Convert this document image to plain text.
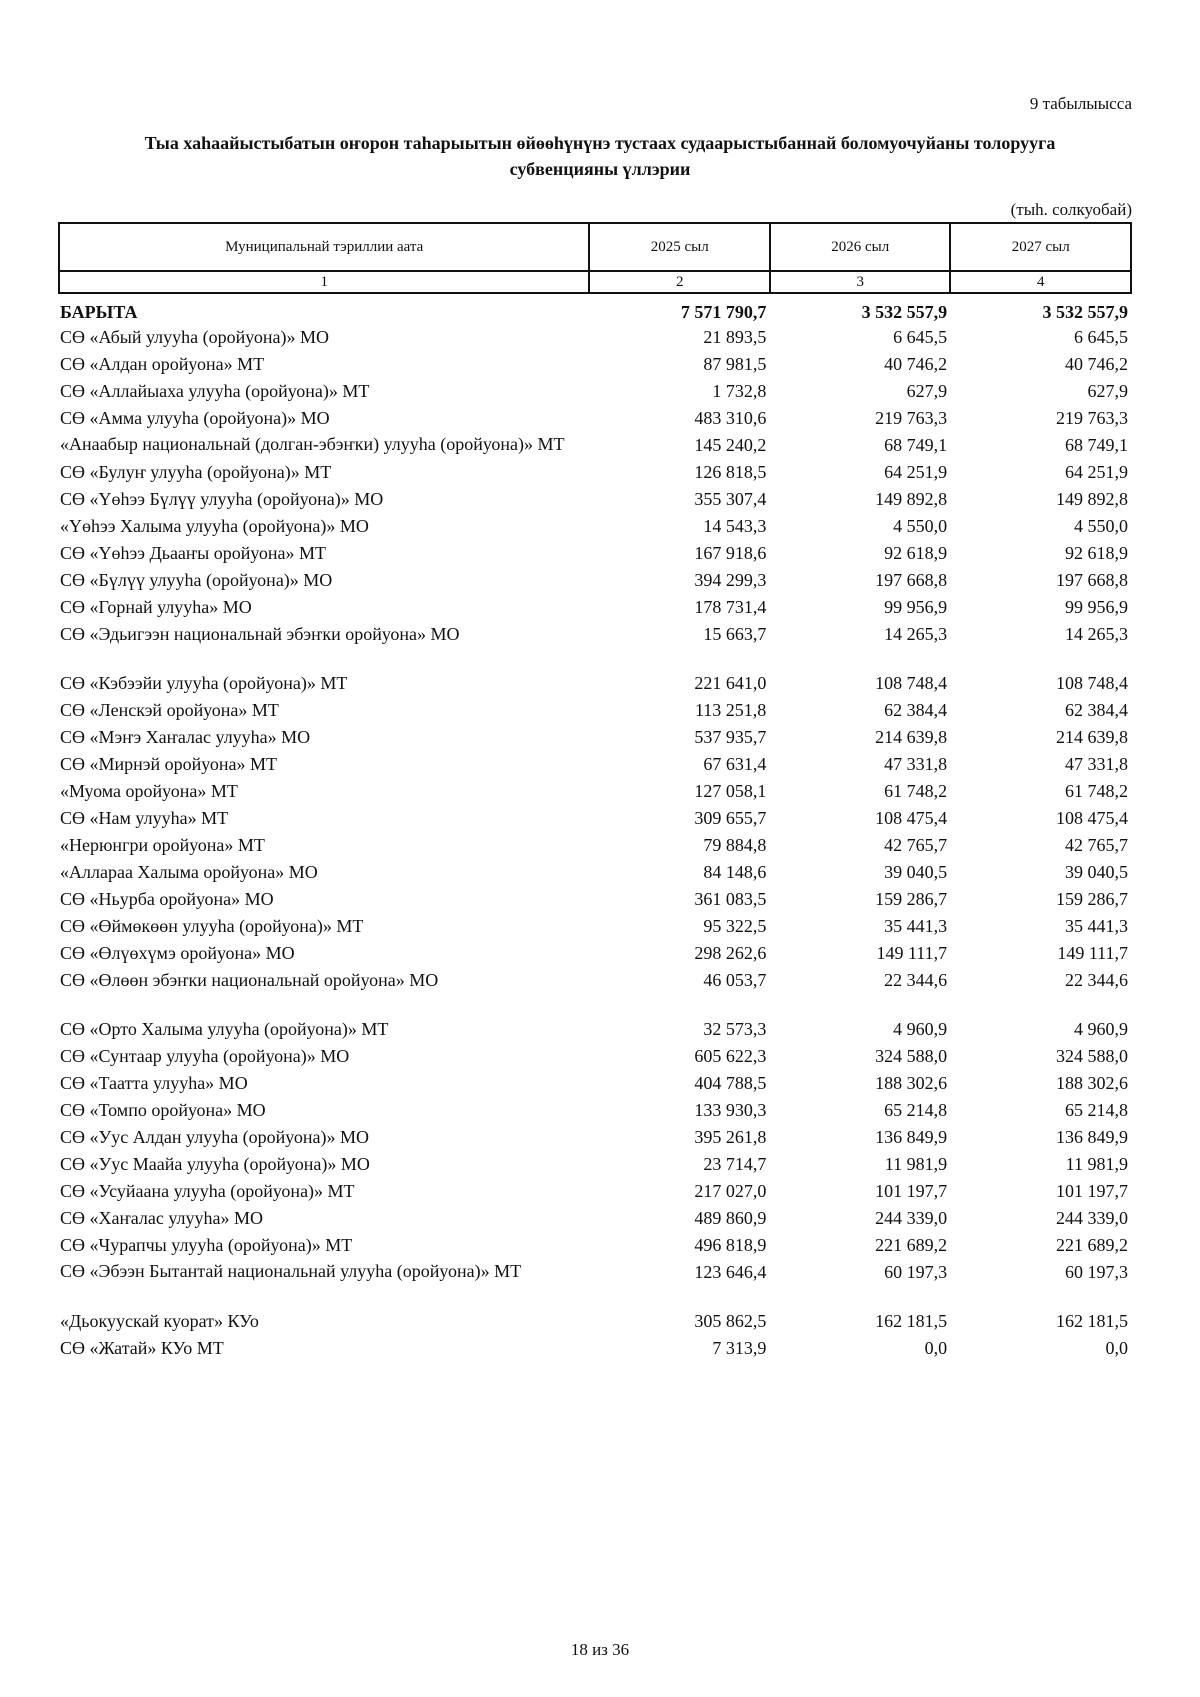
9 табылыысса
Тыа хаһаайыстыбатын оҥорон таһарыытын өйөөһүнүнэ тустаах судаарыстыбаннай боломуочуйаны толоруугa субвенцияны үллэрии
(тыһ. солкуобай)
Муниципальнай тэриллии аата	2025 сыл	2026 сыл	2027 сыл
1	2	3	4
БАРЫТА	7 571 790,7	3 532 557,9	3 532 557,9
СӨ «Абый улууһа (оройуона)» МО	21 893,5	6 645,5	6 645,5
СӨ «Алдан оройуона» МТ	87 981,5	40 746,2	40 746,2
СӨ «Аллайыаха улууһа (оройуона)» МТ	1 732,8	627,9	627,9
СӨ «Амма улууһа (оройуона)» МО	483 310,6	219 763,3	219 763,3
«Анаабыр национальнай (долган-эбэҥки) улууһа (оройуона)» МТ	145 240,2	68 749,1	68 749,1
СӨ «Булуҥ улууһа (оройуона)» МТ	126 818,5	64 251,9	64 251,9
СӨ «Үөһээ Бүлүү улууһа (оройуона)» МО	355 307,4	149 892,8	149 892,8
«Үөһээ Халыма улууһа (оройуона)» МО	14 543,3	4 550,0	4 550,0
СӨ «Үөһээ Дьааҥы оройуона» МТ	167 918,6	92 618,9	92 618,9
СӨ «Бүлүү улууһа (оройуона)» МО	394 299,3	197 668,8	197 668,8
СӨ «Горнай улууһа» МО	178 731,4	99 956,9	99 956,9
СӨ «Эдьигээн национальнай эбэҥки оройуона» МО	15 663,7	14 265,3	14 265,3

СӨ «Кэбээйи улууһа (оройуона)» МТ	221 641,0	108 748,4	108 748,4
СӨ «Ленскэй оройуона» МТ	113 251,8	62 384,4	62 384,4
СӨ «Мэҥэ Хаҥалас улууһа» МО	537 935,7	214 639,8	214 639,8
СӨ «Мирнэй оройуона» МТ	67 631,4	47 331,8	47 331,8
«Муома оройуона» МТ	127 058,1	61 748,2	61 748,2
СӨ «Нам улууһа» МТ	309 655,7	108 475,4	108 475,4
«Нерюнгри оройуона» МТ	79 884,8	42 765,7	42 765,7
«Аллараа Халыма оройуона» МО	84 148,6	39 040,5	39 040,5
СӨ «Ньурба оройуона» МО	361 083,5	159 286,7	159 286,7
СӨ «Өймөкөөн улууһа (оройуона)» МТ	95 322,5	35 441,3	35 441,3
СӨ «Өлүөхүмэ оройуона» МО	298 262,6	149 111,7	149 111,7
СӨ «Өлөөн эбэҥки национальнай оройуона» МО	46 053,7	22 344,6	22 344,6

СӨ «Орто Халыма улууһа (оройуона)» МТ	32 573,3	4 960,9	4 960,9
СӨ «Сунтаар улууһа (оройуона)» МО	605 622,3	324 588,0	324 588,0
СӨ «Таатта улууһа» МО	404 788,5	188 302,6	188 302,6
СӨ «Томпо оройуона» МО	133 930,3	65 214,8	65 214,8
СӨ «Уус Алдан улууһа (оройуона)» МО	395 261,8	136 849,9	136 849,9
СӨ «Уус Маайа улууһа (оройуона)» МО	23 714,7	11 981,9	11 981,9
СӨ «Усуйаана улууһа (оройуона)» МТ	217 027,0	101 197,7	101 197,7
СӨ «Хаҥалас улууһа» МО	489 860,9	244 339,0	244 339,0
СӨ «Чурапчы улууһа (оройуона)» МТ	496 818,9	221 689,2	221 689,2
СӨ «Эбээн Бытантай национальнай улууһа (оройуона)» МТ	123 646,4	60 197,3	60 197,3

«Дьокуускай куорат» КУо	305 862,5	162 181,5	162 181,5
СӨ «Жатай» КУо МТ	7 313,9	0,0	0,0
18 из 36
